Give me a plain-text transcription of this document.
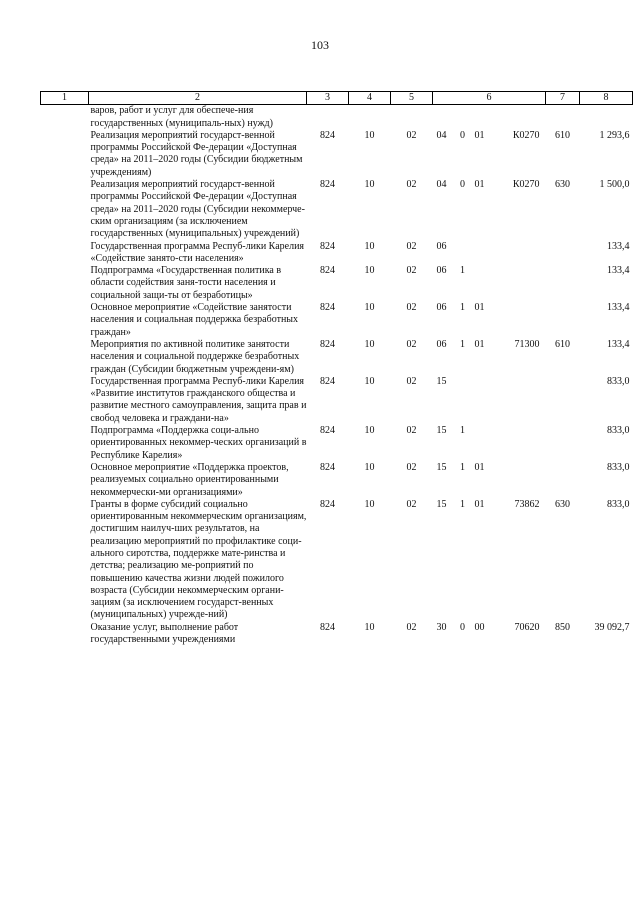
103
1	2	3	4	5	6				7	8
	варов, работ и услуг для обеспече-ния государственных (муниципаль-ных) нужд)									
	Реализация мероприятий государст-венной программы Российской Фе-дерации «Доступная среда» на 2011–2020 годы (Субсидии бюджетным учреждениям)	824	10	02	04	0	01	К0270	610	1 293,6
	Реализация мероприятий государст-венной программы Российской Фе-дерации «Доступная среда» на 2011–2020 годы (Субсидии некоммерче-ским организациям (за исключением государственных (муниципальных) учреждений)	824	10	02	04	0	01	К0270	630	1 500,0
	Государственная программа Респуб-лики Карелия «Содействие занято-сти населения»	824	10	02	06					133,4
	Подпрограмма «Государственная политика в области содействия заня-тости населения и социальной защи-ты от безработицы»	824	10	02	06	1				133,4
	Основное мероприятие «Содействие занятости населения и социальная поддержка безработных граждан»	824	10	02	06	1	01			133,4
	Мероприятия по активной политике занятости населения и социальной поддержке безработных граждан (Субсидии бюджетным учреждени-ям)	824	10	02	06	1	01	71300	610	133,4
	Государственная программа Респуб-лики Карелия «Развитие институтов гражданского общества и развитие местного самоуправления, защита прав и свобод человека и граждани-на»	824	10	02	15					833,0
	Подпрограмма «Поддержка соци-ально ориентированных некоммер-ческих организаций в Республике Карелия»	824	10	02	15	1				833,0
	Основное мероприятие «Поддержка проектов, реализуемых социально ориентированными некоммерчески-ми организациями»	824	10	02	15	1	01			833,0
	Гранты в форме субсидий социально ориентированным некоммерческим организациям, достигшим наилуч-ших результатов, на реализацию мероприятий по профилактике соци-ального сиротства, поддержке мате-ринства и детства; реализацию ме-роприятий по повышению качества жизни людей пожилого возраста (Субсидии некоммерческим органи-зациям (за исключением государст-венных (муниципальных) учрежде-ний)	824	10	02	15	1	01	73862	630	833,0
	Оказание услуг, выполнение работ государственными учреждениями	824	10	02	30	0	00	70620	850	39 092,7
